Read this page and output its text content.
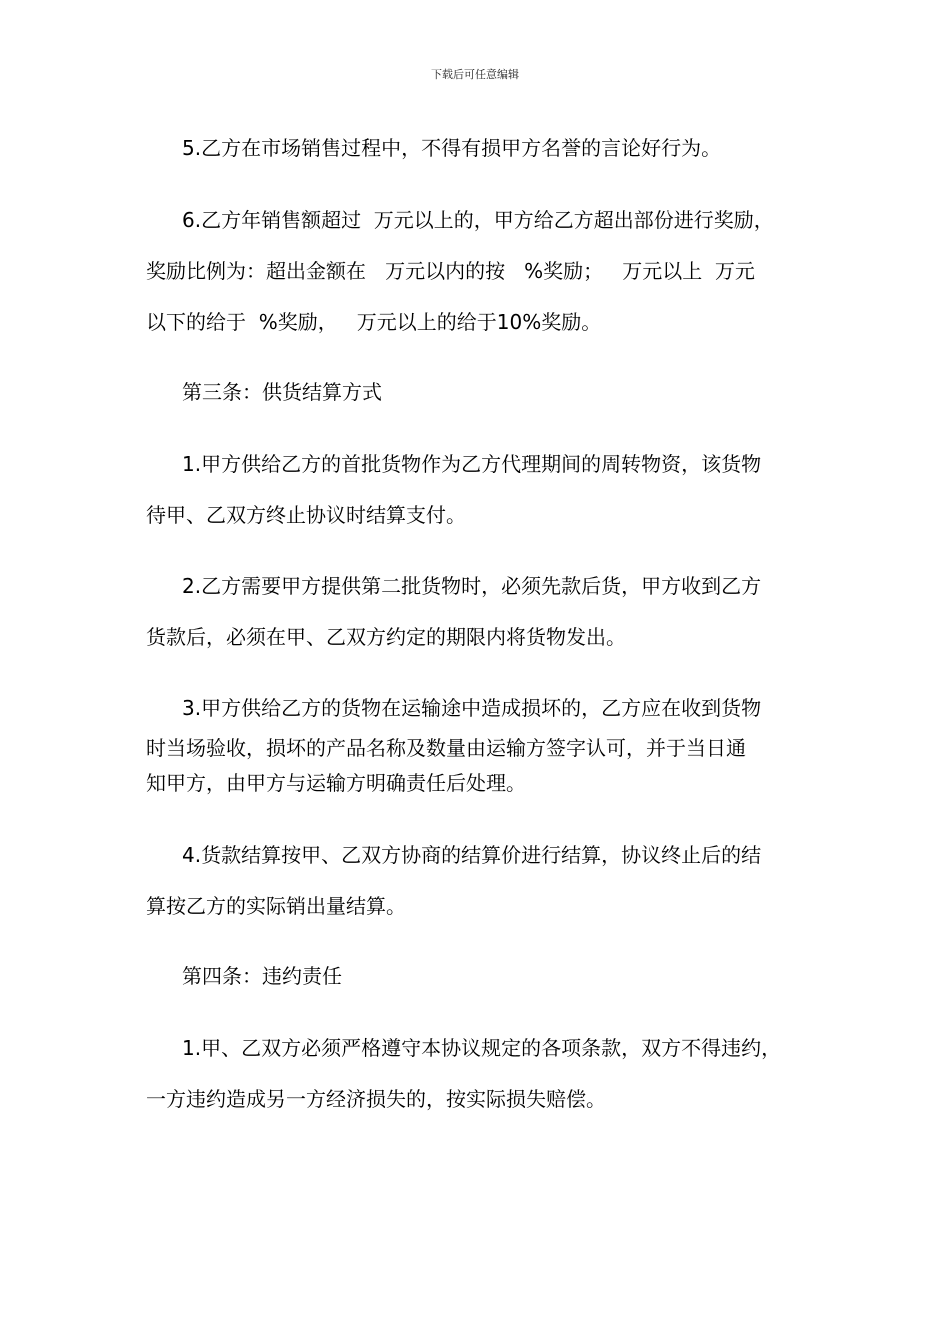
下载后可任意编辑
5.乙方在市场销售过程中，不得有损甲方名誉的言论好行为。
6.乙方年销售额超过  万元以上的，甲方给乙方超出部份进行奖励，
奖励比例为：超出金额在   万元以内的按   %奖励；   万元以上  万元
以下的给于  %奖励，   万元以上的给于10%奖励。
第三条：供货结算方式
1.甲方供给乙方的首批货物作为乙方代理期间的周转物资，该货物
待甲、乙双方终止协议时结算支付。
2.乙方需要甲方提供第二批货物时，必须先款后货，甲方收到乙方
货款后，必须在甲、乙双方约定的期限内将货物发出。
3.甲方供给乙方的货物在运输途中造成损坏的，乙方应在收到货物
时当场验收，损坏的产品名称及数量由运输方签字认可，并于当日通
知甲方，由甲方与运输方明确责任后处理。
4.货款结算按甲、乙双方协商的结算价进行结算，协议终止后的结
算按乙方的实际销出量结算。
第四条：违约责任
1.甲、乙双方必须严格遵守本协议规定的各项条款，双方不得违约，
一方违约造成另一方经济损失的，按实际损失赔偿。
